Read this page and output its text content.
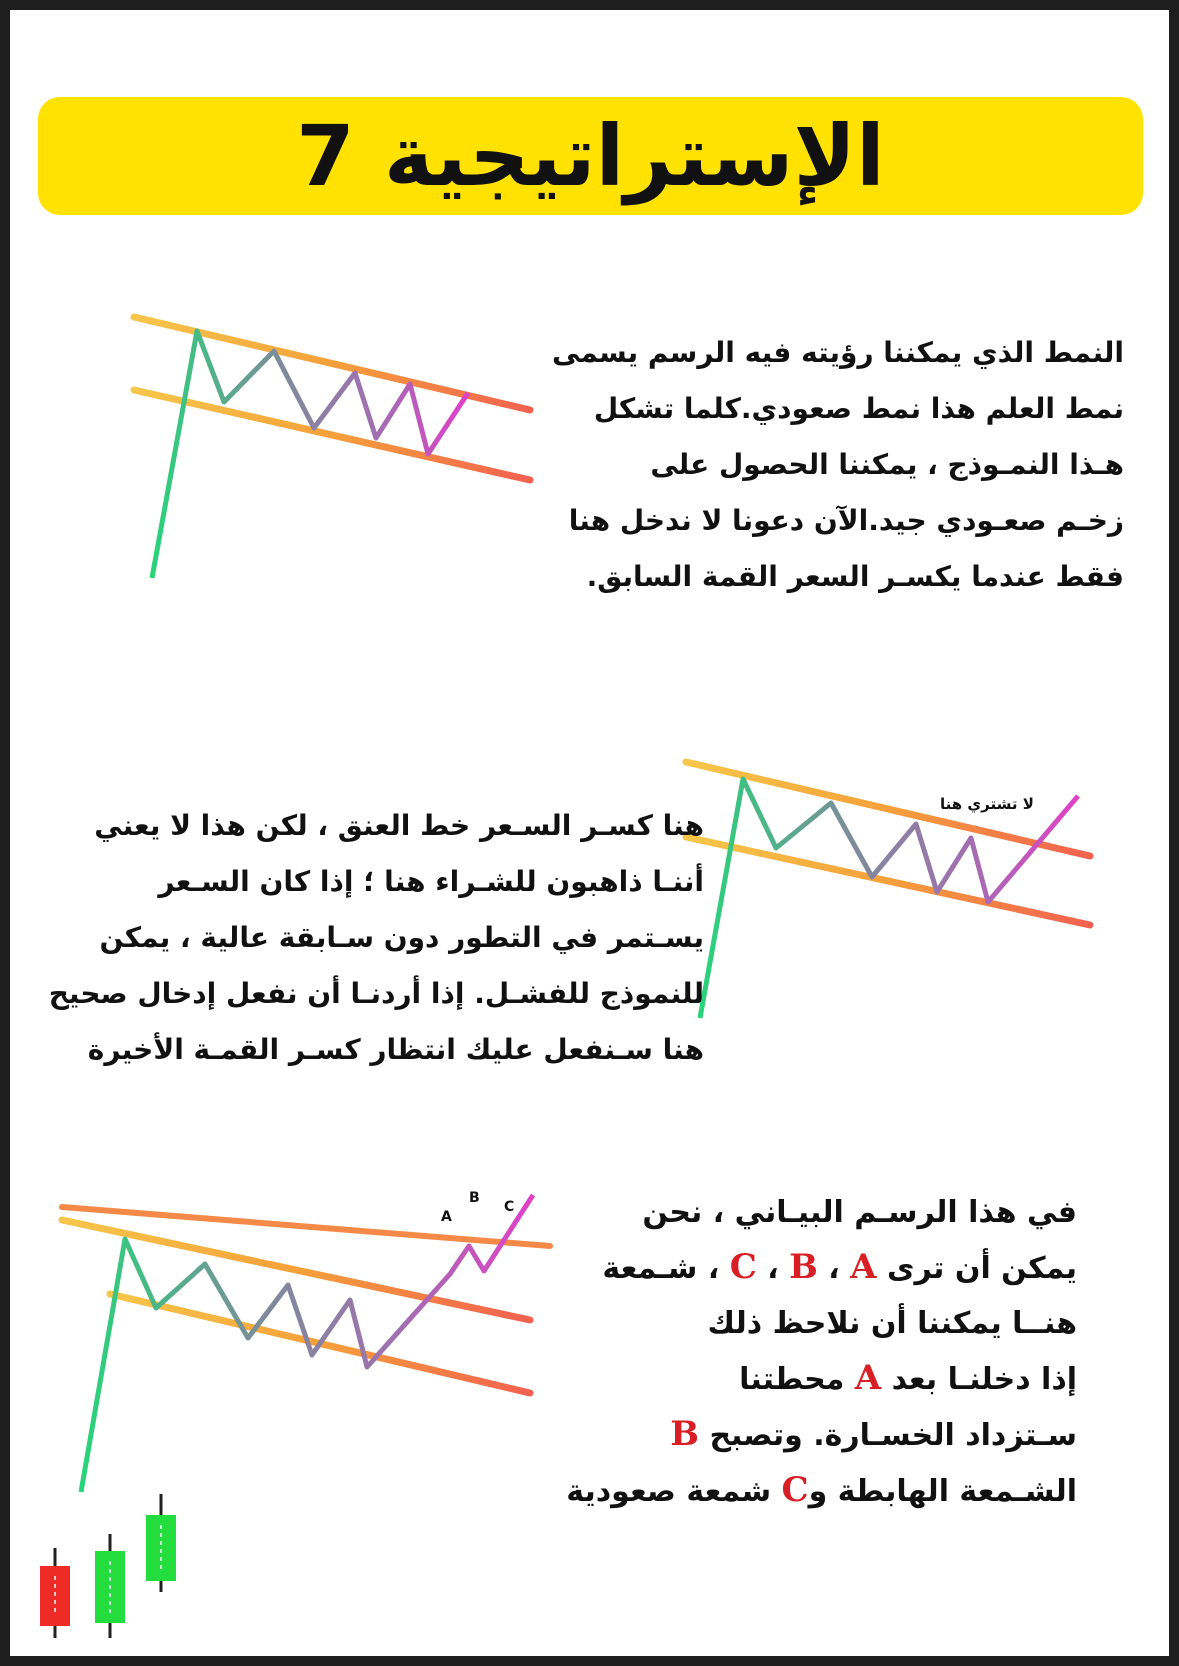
الإستراتيجية 7
A
B
C
لا تشتري هنا

النمط الذي يمكننا رؤيته فيه الرسم يسمى

نمط العلم هذا نمط صعودي.كلما تشكل

هـذا النمـوذج ، يمكننا الحصول على

زخـم صعـودي جيد.الآن دعونا لا ندخل هنا

فقط عندما يكسـر السعر القمة السابق.

هنا كسـر السـعر خط العنق ، لكن هذا لا يعني

أننـا ذاهبون للشـراء هنا ؛ إذا كان السـعر

يسـتمر في التطور دون سـابقة عالية ، يمكن

للنموذج للفشـل. إذا أردنـا أن نفعل إدخال صحيح

هنا سـنفعل عليك انتظار كسـر القمـة الأخيرة

في هذا الرسـم البيـاني ، نحن

يمكن أن ترى C ، B ، A ، شـمعة

هنــا يمكننا أن نلاحظ ذلك

إذا دخلنـا بعد A محطتنا

سـتزداد الخسـارة. وتصبح B

الشـمعة الهابطة وC شمعة صعودية
